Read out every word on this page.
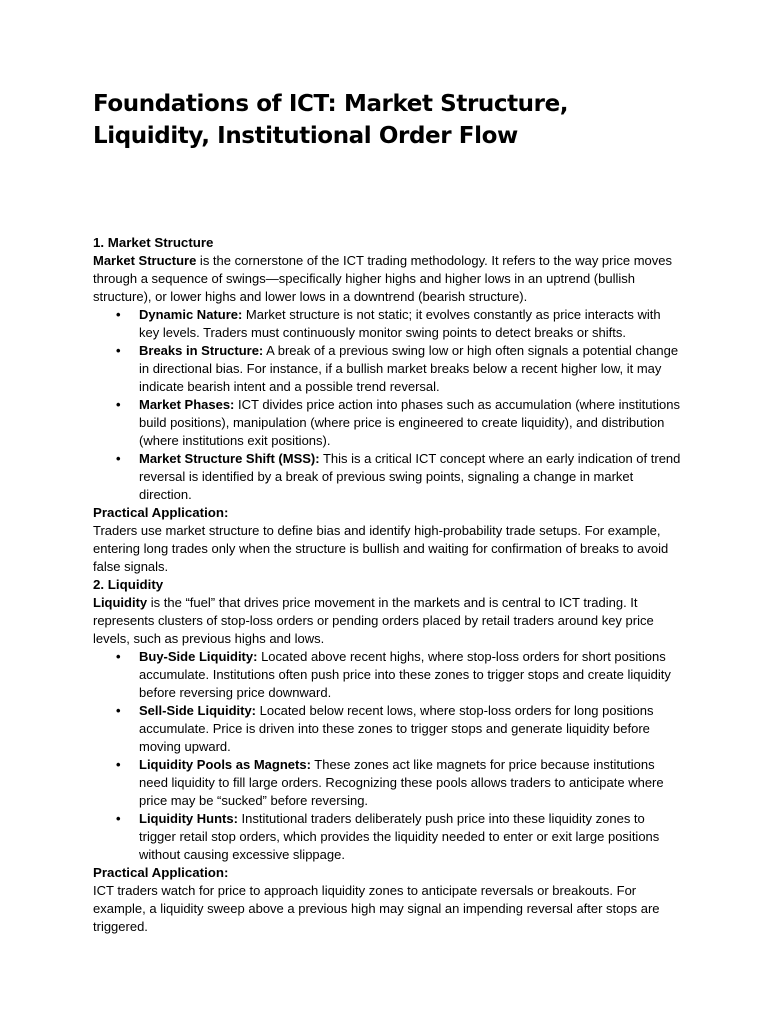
Foundations of ICT: Market Structure, Liquidity, Institutional Order Flow

1. Market Structure

Market Structure is the cornerstone of the ICT trading methodology. It refers to the way price moves through a sequence of swings—specifically higher highs and higher lows in an uptrend (bullish structure), or lower highs and lower lows in a downtrend (bearish structure).

• Dynamic Nature: Market structure is not static; it evolves constantly as price interacts with key levels. Traders must continuously monitor swing points to detect breaks or shifts.
• Breaks in Structure: A break of a previous swing low or high often signals a potential change in directional bias. For instance, if a bullish market breaks below a recent higher low, it may indicate bearish intent and a possible trend reversal.
• Market Phases: ICT divides price action into phases such as accumulation (where institutions build positions), manipulation (where price is engineered to create liquidity), and distribution (where institutions exit positions).
• Market Structure Shift (MSS): This is a critical ICT concept where an early indication of trend reversal is identified by a break of previous swing points, signaling a change in market direction.

Practical Application:

Traders use market structure to define bias and identify high-probability trade setups. For example, entering long trades only when the structure is bullish and waiting for confirmation of breaks to avoid false signals.

2. Liquidity

Liquidity is the “fuel” that drives price movement in the markets and is central to ICT trading. It represents clusters of stop-loss orders or pending orders placed by retail traders around key price levels, such as previous highs and lows.

• Buy-Side Liquidity: Located above recent highs, where stop-loss orders for short positions accumulate. Institutions often push price into these zones to trigger stops and create liquidity before reversing price downward.
• Sell-Side Liquidity: Located below recent lows, where stop-loss orders for long positions accumulate. Price is driven into these zones to trigger stops and generate liquidity before moving upward.
• Liquidity Pools as Magnets: These zones act like magnets for price because institutions need liquidity to fill large orders. Recognizing these pools allows traders to anticipate where price may be “sucked” before reversing.
• Liquidity Hunts: Institutional traders deliberately push price into these liquidity zones to trigger retail stop orders, which provides the liquidity needed to enter or exit large positions without causing excessive slippage.

Practical Application:

ICT traders watch for price to approach liquidity zones to anticipate reversals or breakouts. For example, a liquidity sweep above a previous high may signal an impending reversal after stops are triggered.
